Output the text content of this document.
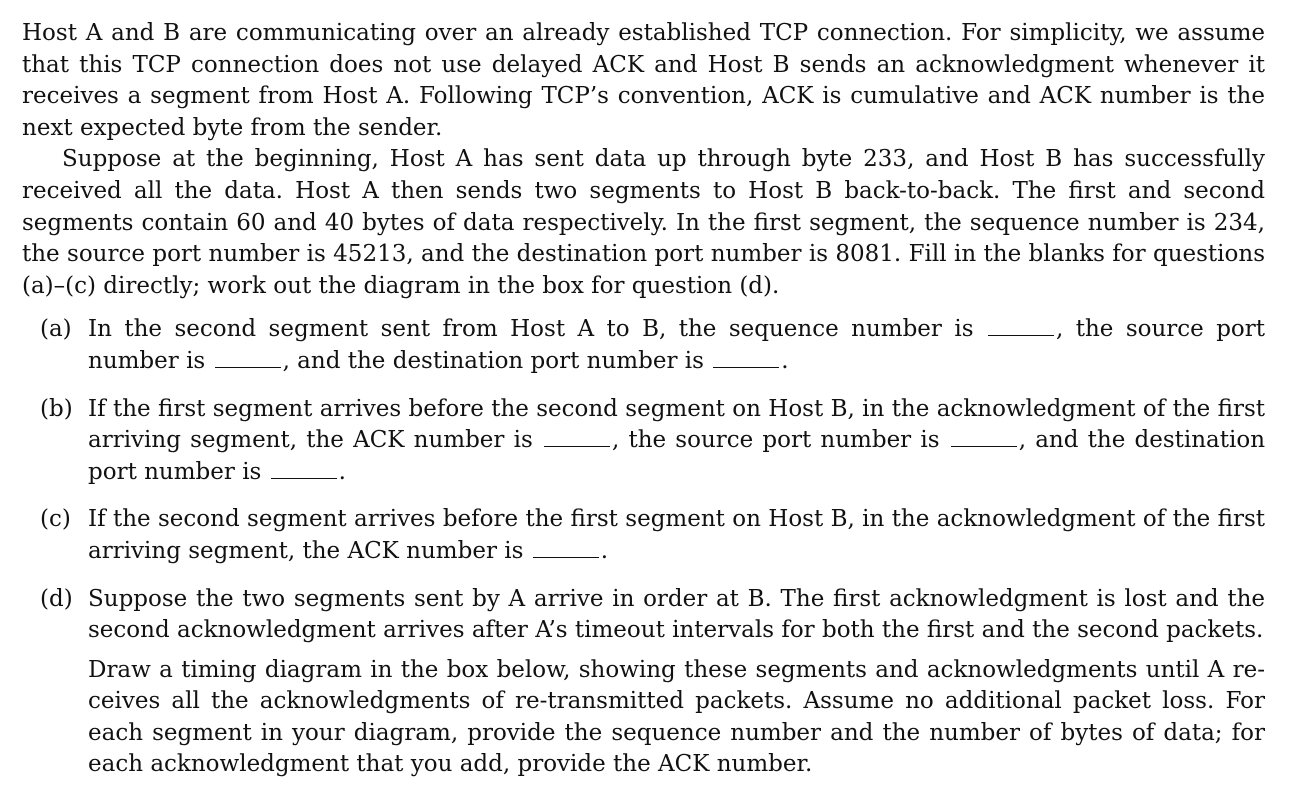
Host A and B are communicating over an already established TCP connection. For simplicity, we assume that this TCP connection does not use delayed ACK and Host B sends an acknowledgment whenever it receives a segment from Host A. Following TCP’s convention, ACK is cumulative and ACK number is the next expected byte from the sender.

Suppose at the beginning, Host A has sent data up through byte 233, and Host B has successfully received all the data. Host A then sends two segments to Host B back-to-back. The first and second segments contain 60 and 40 bytes of data respectively. In the first segment, the sequence number is 234, the source port number is 45213, and the destination port number is 8081. Fill in the blanks for questions (a)–(c) directly; work out the diagram in the box for question (d).

(a) In the second segment sent from Host A to B, the sequence number is	, the source port number is	, and the destination port number is	.

(b) If the first segment arrives before the second segment on Host B, in the acknowledgment of the first arriving segment, the ACK number is	, the source port number is	, and the destination port number is	.

(c) If the second segment arrives before the first segment on Host B, in the acknowledgment of the first arriving segment, the ACK number is	.

(d) Suppose the two segments sent by A arrive in order at B. The first acknowledgment is lost and the second acknowledgment arrives after A’s timeout intervals for both the first and the second packets.

Draw a timing diagram in the box below, showing these segments and acknowledgments until A receives all the acknowledgments of re-transmitted packets. Assume no additional packet loss. For each segment in your diagram, provide the sequence number and the number of bytes of data; for each acknowledgment that you add, provide the ACK number.
